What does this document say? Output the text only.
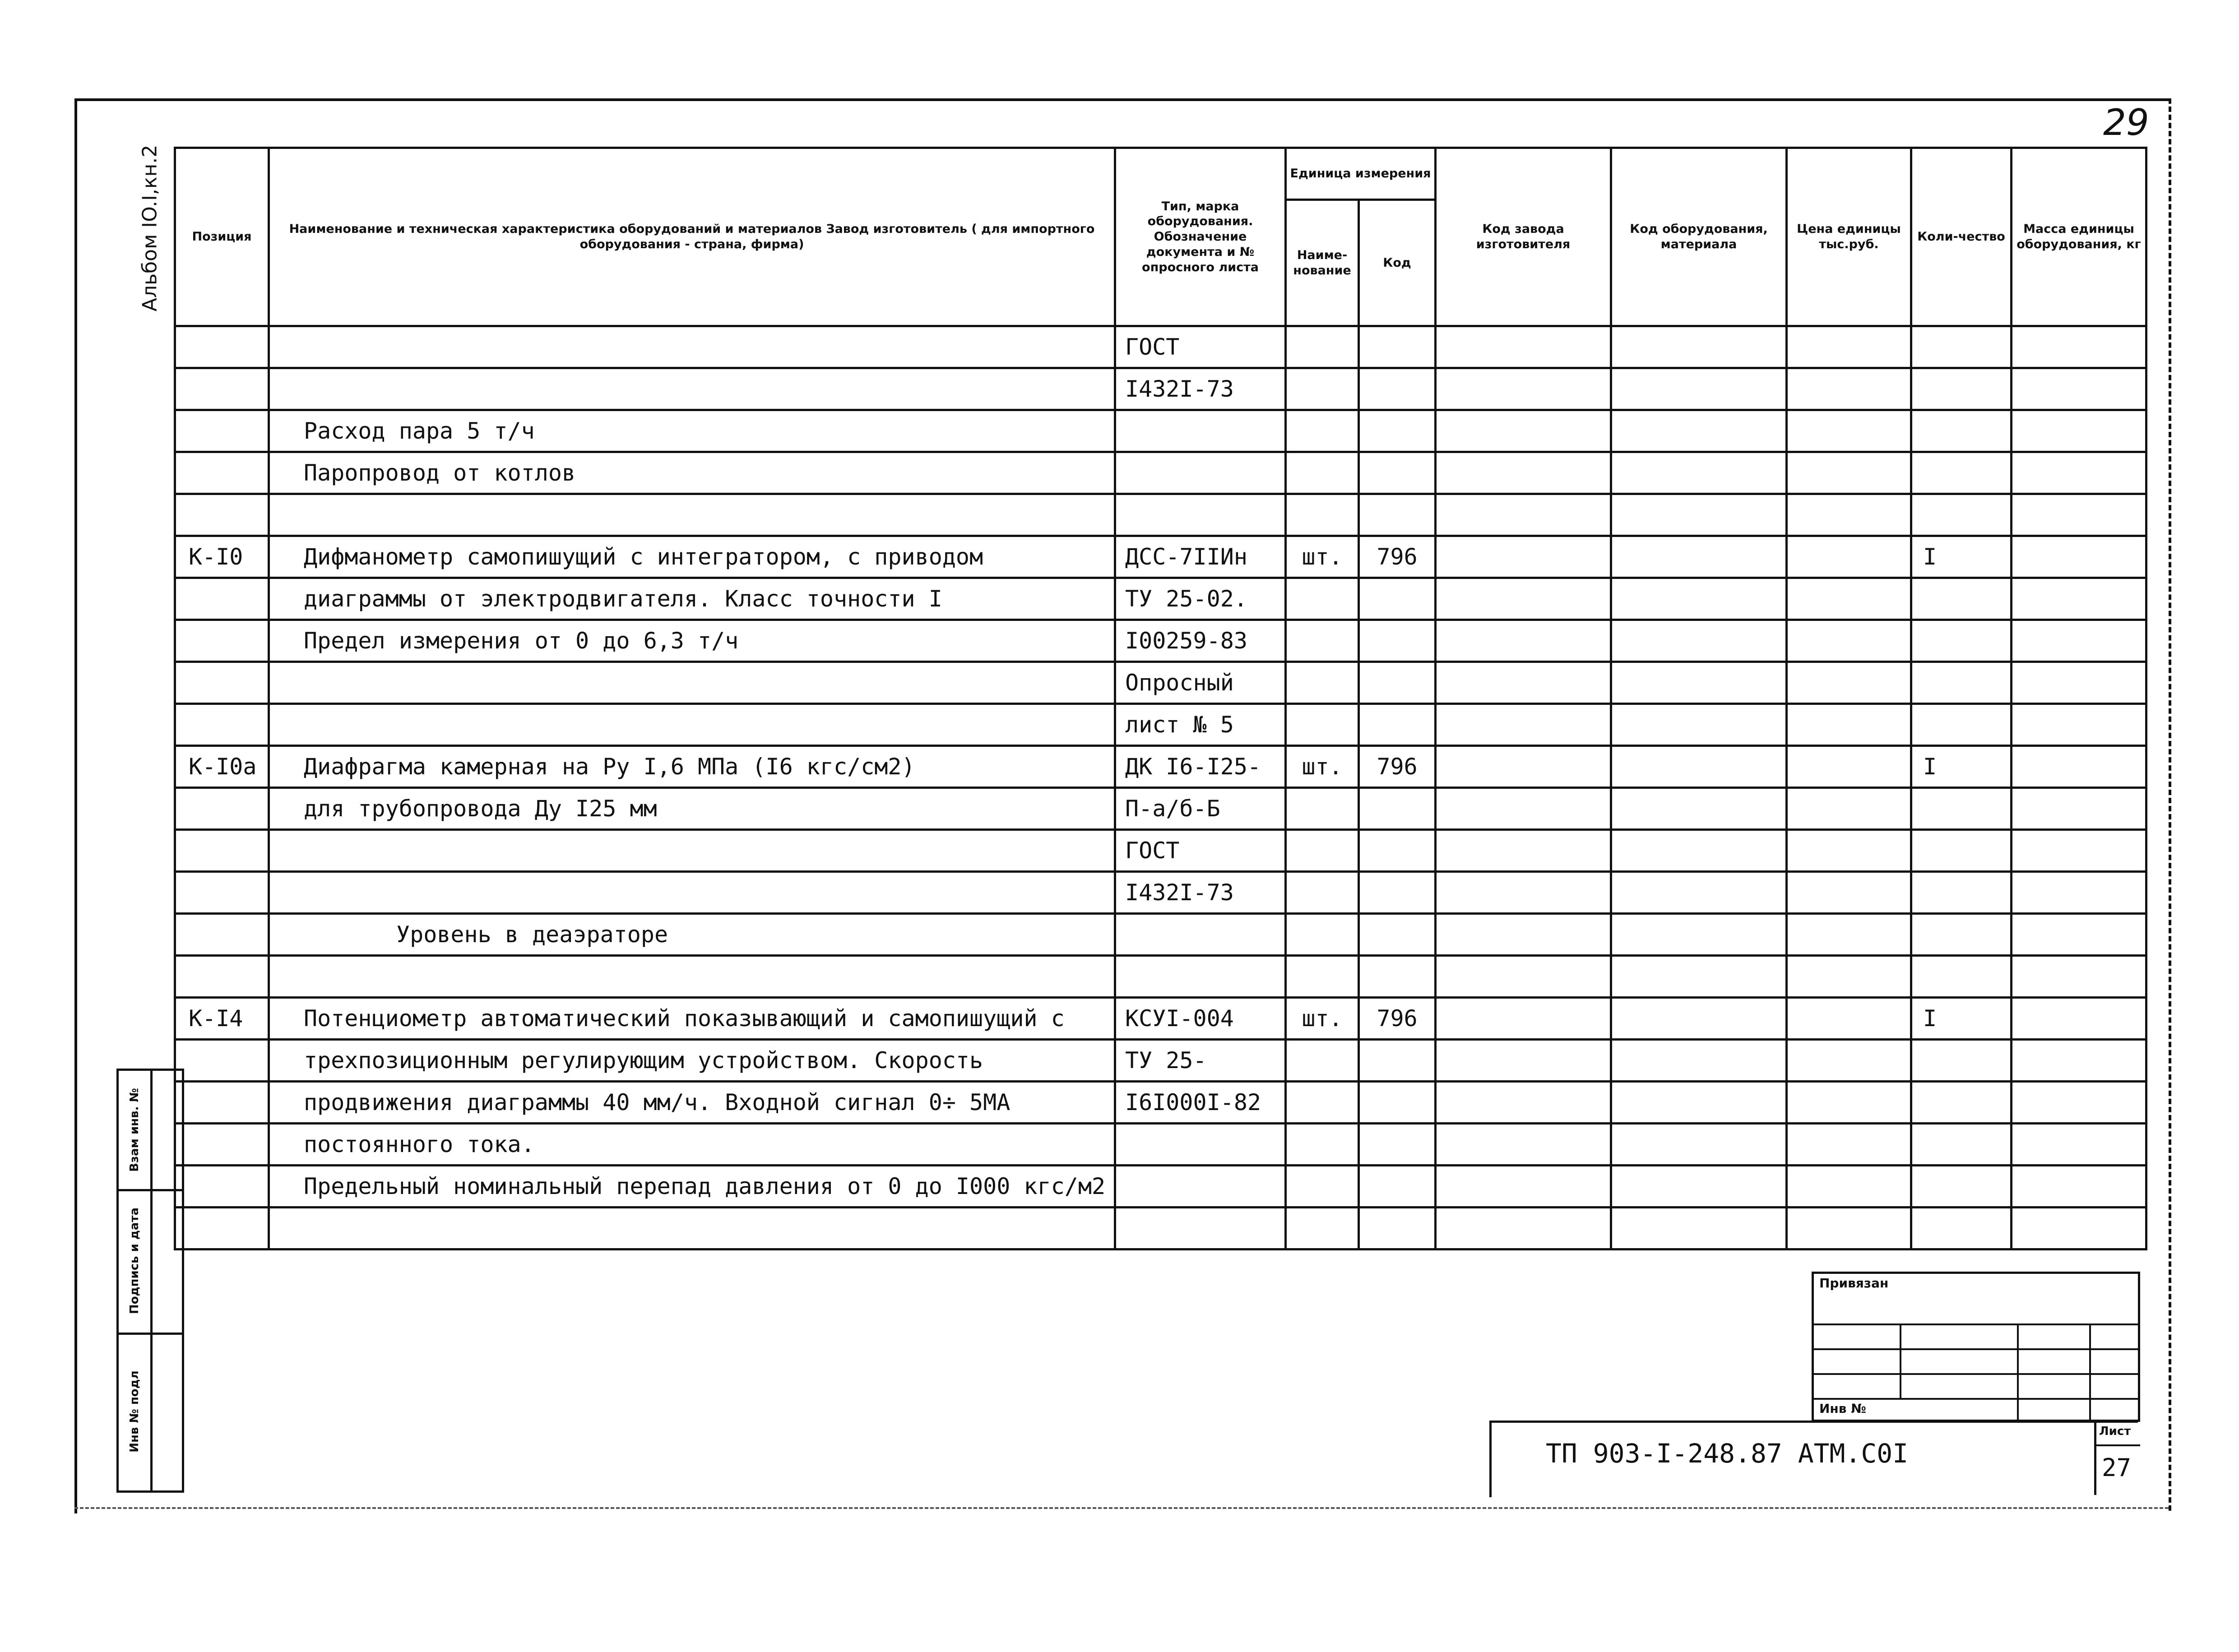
29
Альбом IO.I,кн.2	Позиция	Наименование и техническая характеристика оборудований и материалов Завод изготовитель ( для импортного оборудования - страна, фирма)	Тип, марка оборудования. Обозначение документа и № опросного листа	Единица измерения		Код завода изготовителя	Код оборудования, материала	Цена единицы тыс.руб.	Коли-чество	Масса единицы оборудования, кг
			Наиме-нование	Код					
		ГОСТ							
		I432I-73							
	Расход пара 5 т/ч								
	Паропровод от котлов								

К-I0	Дифманометр самопишущий с интегратором, с приводом	ДСС-7IIИн	шт.	796				I	
	диаграммы от электродвигателя. Класс точности I	ТУ 25-02.							
	Предел измерения от 0 до 6,3 т/ч	I00259-83							
		Опросный							
		лист № 5							
К-I0а	Диафрагма камерная на Ру I,6 МПа (I6 кгс/см2)	ДК I6-I25-	шт.	796				I	
	для трубопровода Ду I25 мм	П-а/б-Б							
		ГОСТ							
		I432I-73							
	Уровень в деаэраторе								

К-I4	Потенциометр автоматический показывающий и самопишущий с	КСУI-004	шт.	796				I	
	трехпозиционным регулирующим устройством. Скорость	ТУ 25-							
	продвижения диаграммы 40 мм/ч. Входной сигнал 0÷ 5МА	I6I000I-82							
	постоянного тока.								
	Предельный номинальный перепад давления от 0 до I000 кгс/м2								

Взам инв. №
Подпись и дата
Инв № подл
Привязан
Инв №
ТП 903-I-248.87 АТМ.С0I
Лист
27
